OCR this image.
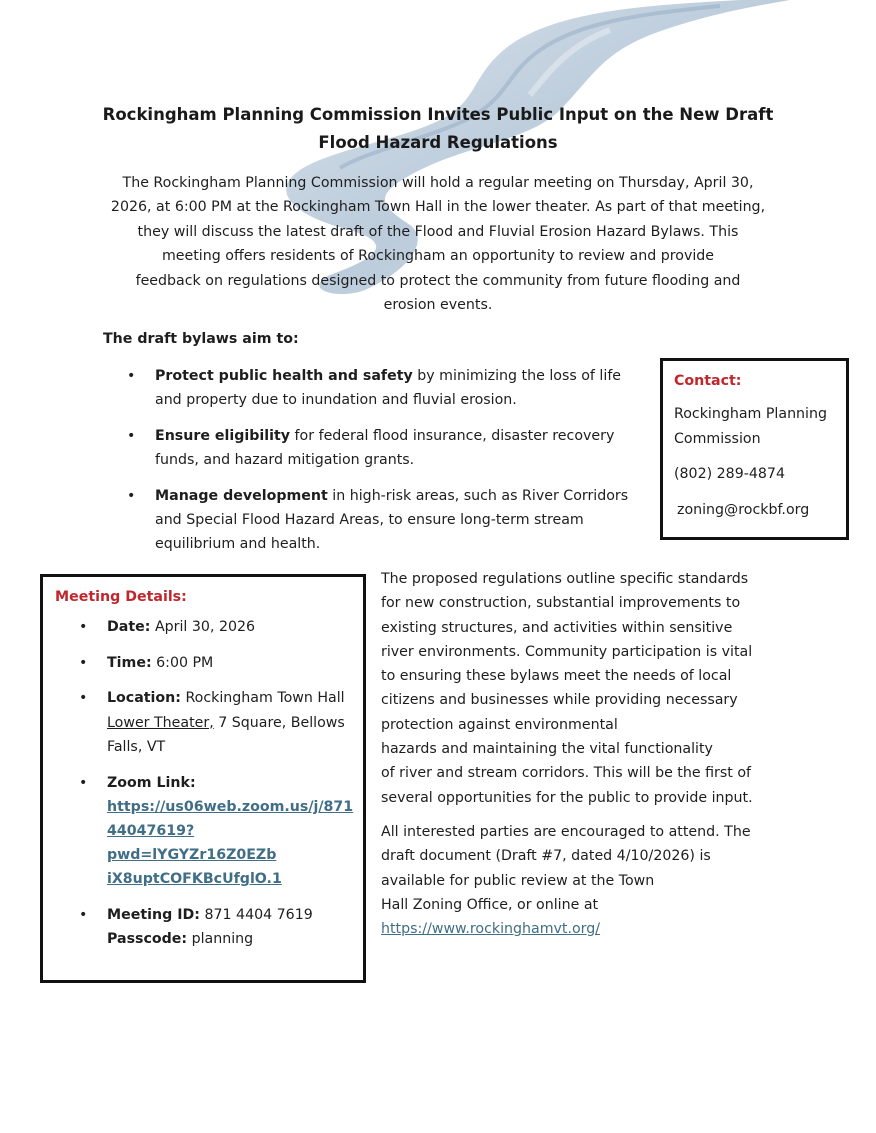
Rockingham Planning Commission Invites Public Input on the New Draft
Flood Hazard Regulations
The Rockingham Planning Commission will hold a regular meeting on Thursday, April 30,
2026, at 6:00 PM at the Rockingham Town Hall in the lower theater. As part of that meeting,
they will discuss the latest draft of the Flood and Fluvial Erosion Hazard Bylaws. This
meeting offers residents of Rockingham an opportunity to review and provide
feedback on regulations designed to protect the community from future flooding and
erosion events.
The draft bylaws aim to:
• Protect public health and safety by minimizing the loss of life and property due to inundation and fluvial erosion.
• Ensure eligibility for federal flood insurance, disaster recovery funds, and hazard mitigation grants.
• Manage development in high-risk areas, such as River Corridors and Special Flood Hazard Areas, to ensure long-term stream equilibrium and health.
Contact:
Rockingham Planning Commission
(802) 289-4874
zoning@rockbf.org
Meeting Details:
• Date: April 30, 2026
• Time: 6:00 PM
• Location: Rockingham Town Hall Lower Theater, 7 Square, Bellows Falls, VT
• Zoom Link:
https://us06web.zoom.us/j/871
44047619?pwd=lYGYZr16Z0EZb
iX8uptCOFKBcUfglO.1
• Meeting ID: 871 4404 7619
Passcode: planning
The proposed regulations outline specific standards
for new construction, substantial improvements to
existing structures, and activities within sensitive
river environments. Community participation is vital
to ensuring these bylaws meet the needs of local
citizens and businesses while providing necessary
protection against environmental
hazards and maintaining the vital functionality
of river and stream corridors. This will be the first of
several opportunities for the public to provide input.
All interested parties are encouraged to attend. The
draft document (Draft #7, dated 4/10/2026) is
available for public review at the Town
Hall Zoning Office, or online at
https://www.rockinghamvt.org/
